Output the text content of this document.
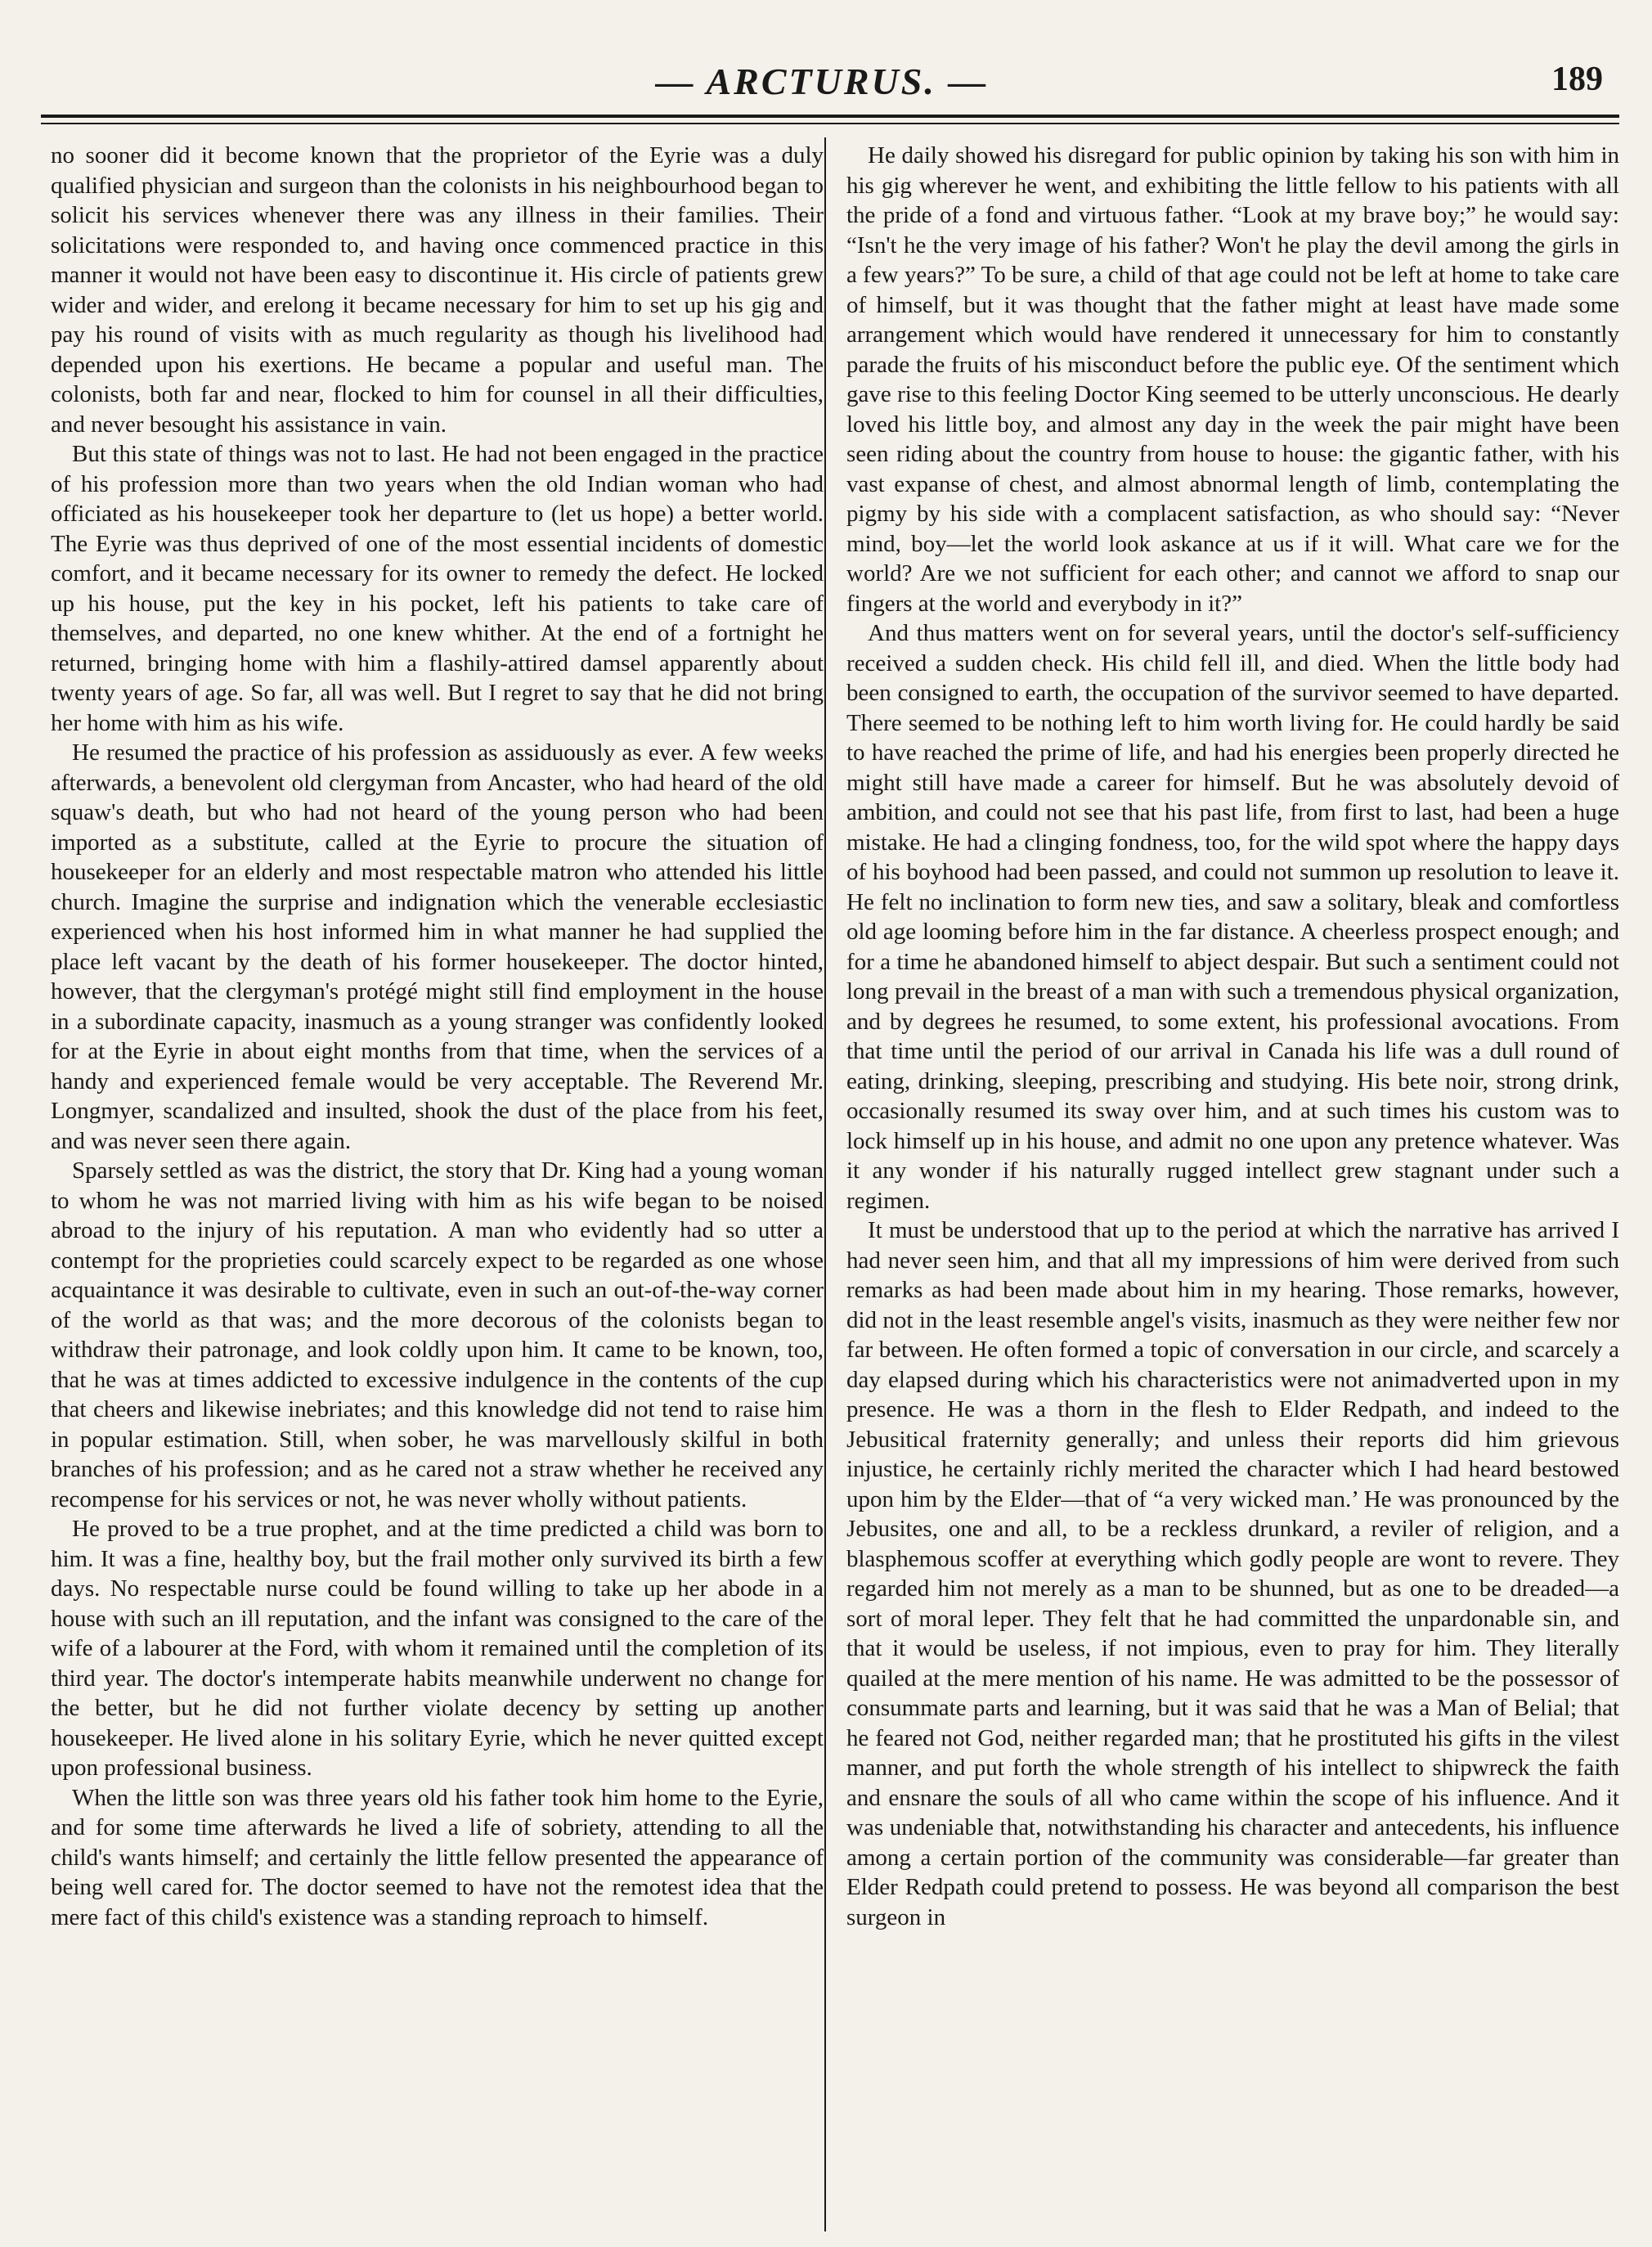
— ARCTURUS. —	189

no sooner did it become known that the proprietor of the Eyrie was a duly qualified physician and surgeon than the colonists in his neighbourhood began to solicit his services whenever there was any illness in their families. Their solicitations were responded to, and having once commenced practice in this manner it would not have been easy to discontinue it. His circle of patients grew wider and wider, and erelong it became necessary for him to set up his gig and pay his round of visits with as much regularity as though his livelihood had depended upon his exertions. He became a popular and useful man. The colonists, both far and near, flocked to him for counsel in all their difficulties, and never besought his assistance in vain.

But this state of things was not to last. He had not been engaged in the practice of his profession more than two years when the old Indian woman who had officiated as his housekeeper took her departure to (let us hope) a better world. The Eyrie was thus deprived of one of the most essential incidents of domestic comfort, and it became necessary for its owner to remedy the defect. He locked up his house, put the key in his pocket, left his patients to take care of themselves, and departed, no one knew whither. At the end of a fortnight he returned, bringing home with him a flashily-attired damsel apparently about twenty years of age. So far, all was well. But I regret to say that he did not bring her home with him as his wife.

He resumed the practice of his profession as assiduously as ever. A few weeks afterwards, a benevolent old clergyman from Ancaster, who had heard of the old squaw's death, but who had not heard of the young person who had been imported as a substitute, called at the Eyrie to procure the situation of housekeeper for an elderly and most respectable matron who attended his little church. Imagine the surprise and indignation which the venerable ecclesiastic experienced when his host informed him in what manner he had supplied the place left vacant by the death of his former housekeeper. The doctor hinted, however, that the clergyman's protégé might still find employment in the house in a subordinate capacity, inasmuch as a young stranger was confidently looked for at the Eyrie in about eight months from that time, when the services of a handy and experienced female would be very acceptable. The Reverend Mr. Longmyer, scandalized and insulted, shook the dust of the place from his feet, and was never seen there again.

Sparsely settled as was the district, the story that Dr. King had a young woman to whom he was not married living with him as his wife began to be noised abroad to the injury of his reputation. A man who evidently had so utter a contempt for the proprieties could scarcely expect to be regarded as one whose acquaintance it was desirable to cultivate, even in such an out-of-the-way corner of the world as that was; and the more decorous of the colonists began to withdraw their patronage, and look coldly upon him. It came to be known, too, that he was at times addicted to excessive indulgence in the contents of the cup that cheers and likewise inebriates; and this knowledge did not tend to raise him in popular estimation. Still, when sober, he was marvellously skilful in both branches of his profession; and as he cared not a straw whether he received any recompense for his services or not, he was never wholly without patients.

He proved to be a true prophet, and at the time predicted a child was born to him. It was a fine, healthy boy, but the frail mother only survived its birth a few days. No respectable nurse could be found willing to take up her abode in a house with such an ill reputation, and the infant was consigned to the care of the wife of a labourer at the Ford, with whom it remained until the completion of its third year. The doctor's intemperate habits meanwhile underwent no change for the better, but he did not further violate decency by setting up another housekeeper. He lived alone in his solitary Eyrie, which he never quitted except upon professional business.

When the little son was three years old his father took him home to the Eyrie, and for some time afterwards he lived a life of sobriety, attending to all the child's wants himself; and certainly the little fellow presented the appearance of being well cared for. The doctor seemed to have not the remotest idea that the mere fact of this child's existence was a standing reproach to himself.

He daily showed his disregard for public opinion by taking his son with him in his gig wherever he went, and exhibiting the little fellow to his patients with all the pride of a fond and virtuous father. “Look at my brave boy;” he would say: “Isn't he the very image of his father? Won't he play the devil among the girls in a few years?” To be sure, a child of that age could not be left at home to take care of himself, but it was thought that the father might at least have made some arrangement which would have rendered it unnecessary for him to constantly parade the fruits of his misconduct before the public eye. Of the sentiment which gave rise to this feeling Doctor King seemed to be utterly unconscious. He dearly loved his little boy, and almost any day in the week the pair might have been seen riding about the country from house to house: the gigantic father, with his vast expanse of chest, and almost abnormal length of limb, contemplating the pigmy by his side with a complacent satisfaction, as who should say: “Never mind, boy—let the world look askance at us if it will. What care we for the world? Are we not sufficient for each other; and cannot we afford to snap our fingers at the world and everybody in it?”

And thus matters went on for several years, until the doctor's self-sufficiency received a sudden check. His child fell ill, and died. When the little body had been consigned to earth, the occupation of the survivor seemed to have departed. There seemed to be nothing left to him worth living for. He could hardly be said to have reached the prime of life, and had his energies been properly directed he might still have made a career for himself. But he was absolutely devoid of ambition, and could not see that his past life, from first to last, had been a huge mistake. He had a clinging fondness, too, for the wild spot where the happy days of his boyhood had been passed, and could not summon up resolution to leave it. He felt no inclination to form new ties, and saw a solitary, bleak and comfortless old age looming before him in the far distance. A cheerless prospect enough; and for a time he abandoned himself to abject despair. But such a sentiment could not long prevail in the breast of a man with such a tremendous physical organization, and by degrees he resumed, to some extent, his professional avocations. From that time until the period of our arrival in Canada his life was a dull round of eating, drinking, sleeping, prescribing and studying. His bete noir, strong drink, occasionally resumed its sway over him, and at such times his custom was to lock himself up in his house, and admit no one upon any pretence whatever. Was it any wonder if his naturally rugged intellect grew stagnant under such a regimen.

It must be understood that up to the period at which the narrative has arrived I had never seen him, and that all my impressions of him were derived from such remarks as had been made about him in my hearing. Those remarks, however, did not in the least resemble angel's visits, inasmuch as they were neither few nor far between. He often formed a topic of conversation in our circle, and scarcely a day elapsed during which his characteristics were not animadverted upon in my presence. He was a thorn in the flesh to Elder Redpath, and indeed to the Jebusitical fraternity generally; and unless their reports did him grievous injustice, he certainly richly merited the character which I had heard bestowed upon him by the Elder—that of “a very wicked man.’ He was pronounced by the Jebusites, one and all, to be a reckless drunkard, a reviler of religion, and a blasphemous scoffer at everything which godly people are wont to revere. They regarded him not merely as a man to be shunned, but as one to be dreaded—a sort of moral leper. They felt that he had committed the unpardonable sin, and that it would be useless, if not impious, even to pray for him. They literally quailed at the mere mention of his name. He was admitted to be the possessor of consummate parts and learning, but it was said that he was a Man of Belial; that he feared not God, neither regarded man; that he prostituted his gifts in the vilest manner, and put forth the whole strength of his intellect to shipwreck the faith and ensnare the souls of all who came within the scope of his influence. And it was undeniable that, notwithstanding his character and antecedents, his influence among a certain portion of the community was considerable—far greater than Elder Redpath could pretend to possess. He was beyond all comparison the best surgeon in
